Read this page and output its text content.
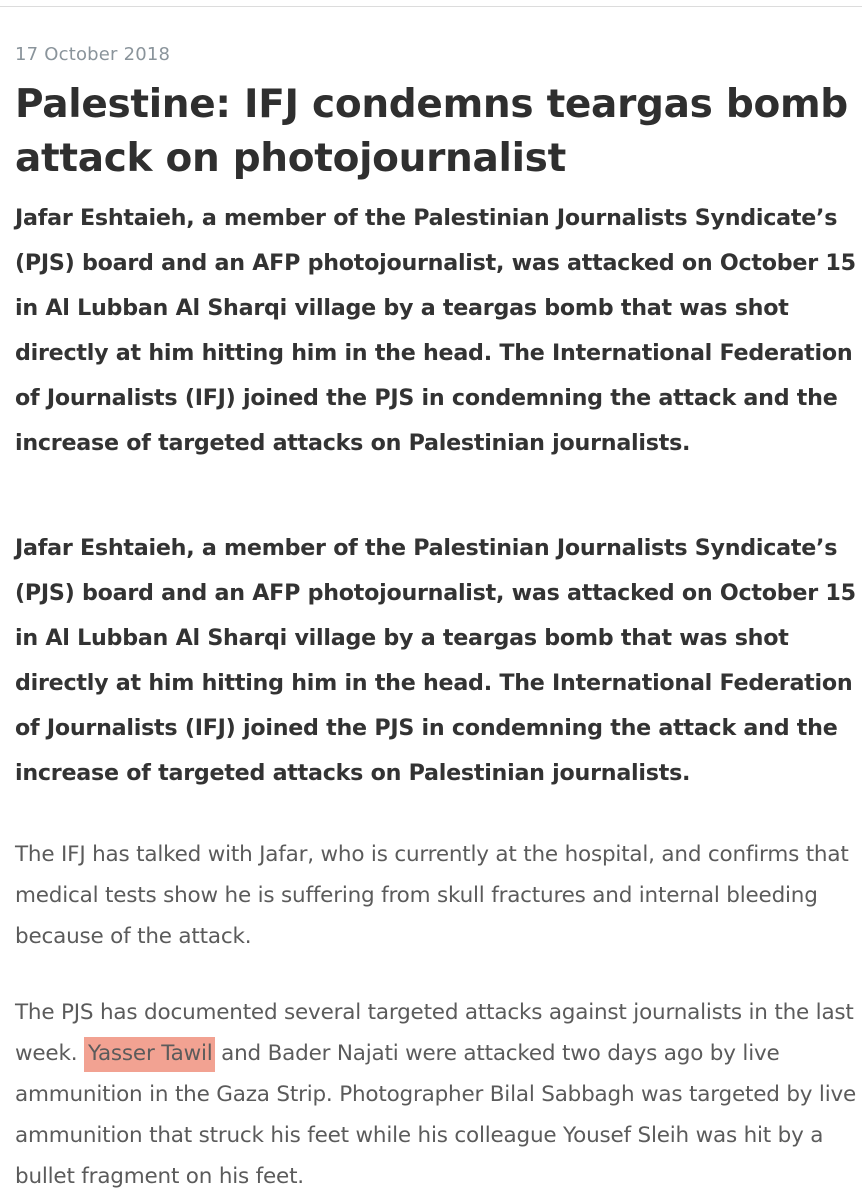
17 October 2018
Palestine: IFJ condemns teargas bomb attack on photojournalist

Jafar Eshtaieh, a member of the Palestinian Journalists Syndicate’s (PJS) board and an AFP photojournalist, was attacked on October 15 in Al Lubban Al Sharqi village by a teargas bomb that was shot directly at him hitting him in the head. The International Federation of Journalists (IFJ) joined the PJS in condemning the attack and the increase of targeted attacks on Palestinian journalists.

Jafar Eshtaieh, a member of the Palestinian Journalists Syndicate’s (PJS) board and an AFP photojournalist, was attacked on October 15 in Al Lubban Al Sharqi village by a teargas bomb that was shot directly at him hitting him in the head. The International Federation of Journalists (IFJ) joined the PJS in condemning the attack and the increase of targeted attacks on Palestinian journalists.

The IFJ has talked with Jafar, who is currently at the hospital, and confirms that medical tests show he is suffering from skull fractures and internal bleeding because of the attack.

The PJS has documented several targeted attacks against journalists in the last week. Yasser Tawil and Bader Najati were attacked two days ago by live ammunition in the Gaza Strip. Photographer Bilal Sabbagh was targeted by live ammunition that struck his feet while his colleague Yousef Sleih was hit by a bullet fragment on his feet.
